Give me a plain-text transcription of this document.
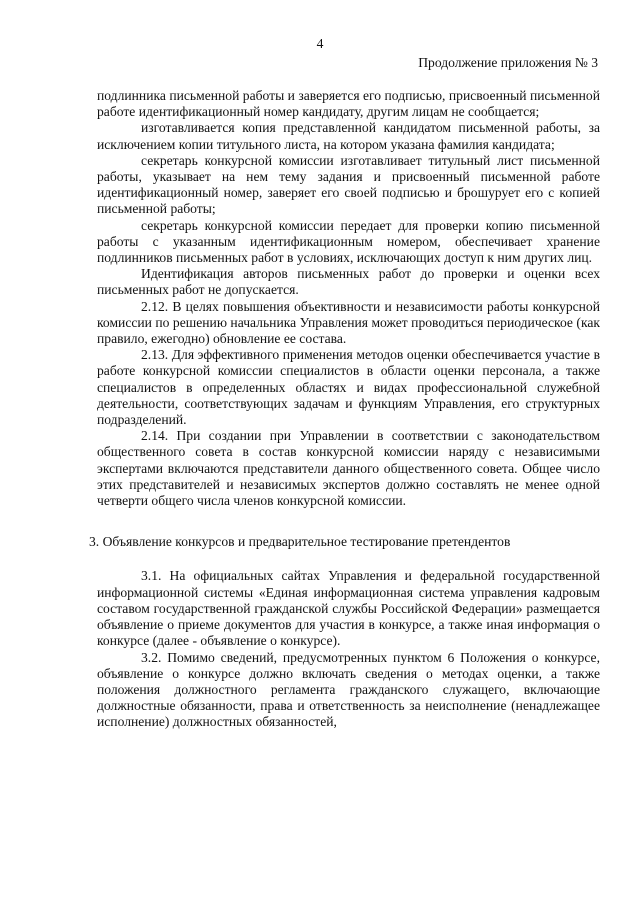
4
Продолжение приложения № 3

подлинника письменной работы и заверяется его подписью, присвоенный письменной работе идентификационный номер кандидату, другим лицам не сообщается;

изготавливается копия представленной кандидатом письменной работы, за исключением копии титульного листа, на котором указана фамилия кандидата;

секретарь конкурсной комиссии изготавливает титульный лист письменной работы, указывает на нем тему задания и присвоенный письменной работе идентификационный номер, заверяет его своей подписью и брошурует его с копией письменной работы;

секретарь конкурсной комиссии передает для проверки копию письменной работы с указанным идентификационным номером, обеспечивает хранение подлинников письменных работ в условиях, исключающих доступ к ним других лиц.

Идентификация авторов письменных работ до проверки и оценки всех письменных работ не допускается.

2.12. В целях повышения объективности и независимости работы конкурсной комиссии по решению начальника Управления может проводиться периодическое (как правило, ежегодно) обновление ее состава.

2.13. Для эффективного применения методов оценки обеспечивается участие в работе конкурсной комиссии специалистов в области оценки персонала, а также специалистов в определенных областях и видах профессиональной служебной деятельности, соответствующих задачам и функциям Управления, его структурных подразделений.

2.14. При создании при Управлении в соответствии с законодательством общественного совета в состав конкурсной комиссии наряду с независимыми экспертами включаются представители данного общественного совета. Общее число этих представителей и независимых экспертов должно составлять не менее одной четверти общего числа членов конкурсной комиссии.

3. Объявление конкурсов и предварительное тестирование претендентов

3.1. На официальных сайтах Управления и федеральной государственной информационной системы «Единая информационная система управления кадровым составом государственной гражданской службы Российской Федерации» размещается объявление о приеме документов для участия в конкурсе, а также иная информация о конкурсе (далее - объявление о конкурсе).

3.2. Помимо сведений, предусмотренных пунктом 6 Положения о конкурсе, объявление о конкурсе должно включать сведения о методах оценки, а также положения должностного регламента гражданского служащего, включающие должностные обязанности, права и ответственность за неисполнение (ненадлежащее исполнение) должностных обязанностей,
